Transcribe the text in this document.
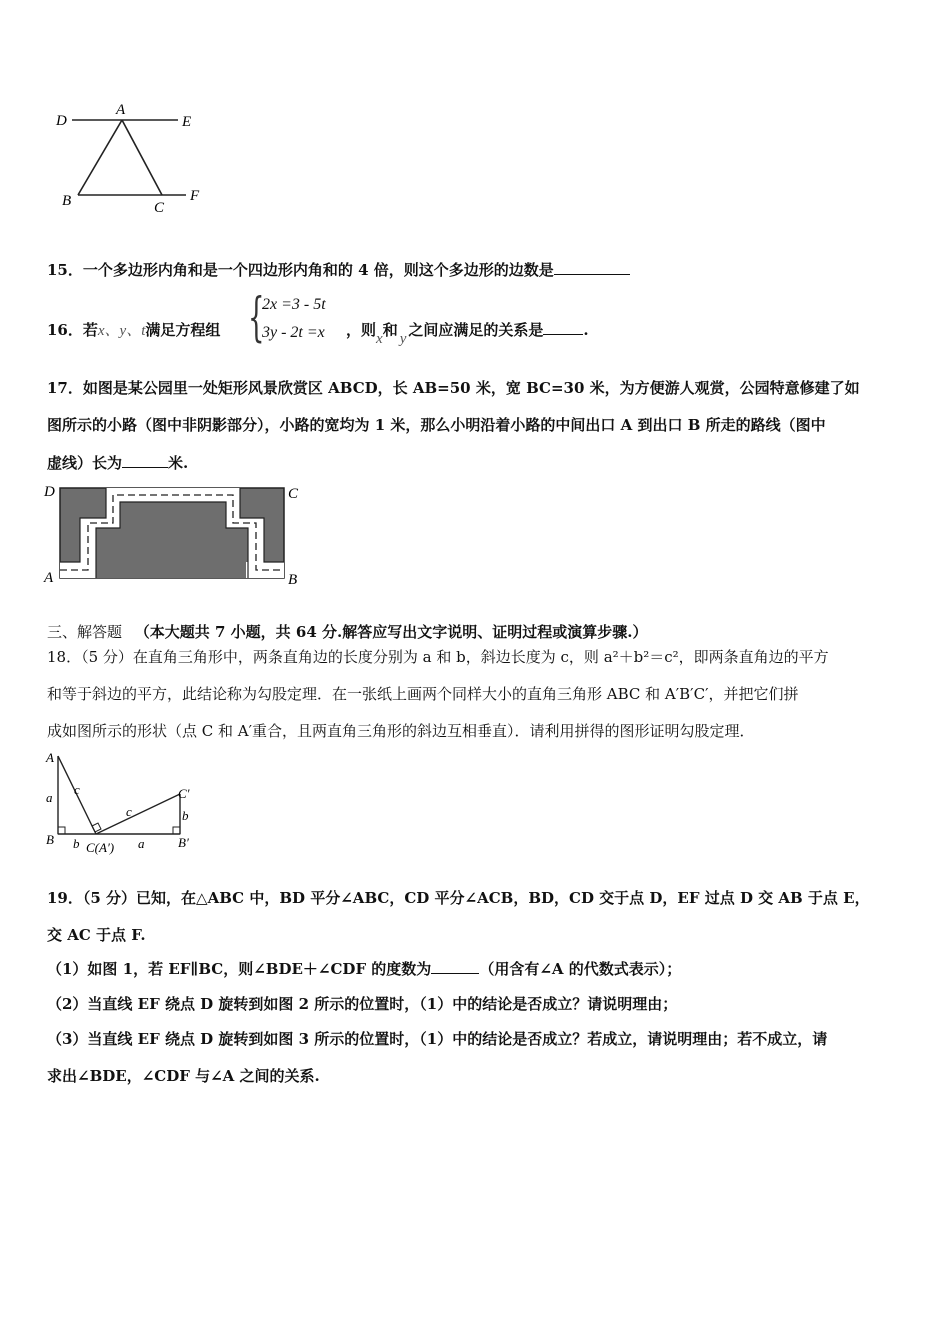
D
A
E
B	C
F
15．一个多边形内角和是一个四边形内角和的 4 倍，则这个多边形的边数是
16．若x、y、t满足方程组 {
2x =3 - 5t
3y - 2t =x ，则x和 y 之间应满足的关系是	.
17．如图是某公园里一处矩形风景欣赏区 ABCD，长 AB=50 米，宽 BC=30 米，为方便游人观赏，公园特意修建了如
图所示的小路（图中非阴影部分），小路的宽均为 1 米，那么小明沿着小路的中间出口 A 到出口 B 所走的路线（图中
虚线）长为	米.
D	C
A	B
三、解答题 （本大题共 7 小题，共 64 分.解答应写出文字说明、证明过程或演算步骤.）
18．（5 分）在直角三角形中，两条直角边的长度分别为 a 和 b，斜边长度为 c，则 a²＋b²＝c²，即两条直角边的平方
和等于斜边的平方，此结论称为勾股定理．在一张纸上画两个同样大小的直角三角形 ABC 和 A′B′C′，并把它们拼
成如图所示的形状（点 C 和 A′重合，且两直角三角形的斜边互相垂直）．请利用拼得的图形证明勾股定理．
A
a
c
B b C(A′) a
c
C′
b
B′
19．（5 分）已知，在△ABC 中，BD 平分∠ABC，CD 平分∠ACB，BD，CD 交于点 D，EF 过点 D 交 AB 于点 E，
交 AC 于点 F.
（1）如图 1，若 EF∥BC，则∠BDE＋∠CDF 的度数为	（用含有∠A 的代数式表示）；
（2）当直线 EF 绕点 D 旋转到如图 2 所示的位置时，（1）中的结论是否成立？请说明理由；
（3）当直线 EF 绕点 D 旋转到如图 3 所示的位置时，（1）中的结论是否成立？若成立，请说明理由；若不成立，请
求出∠BDE，∠CDF 与∠A 之间的关系.
